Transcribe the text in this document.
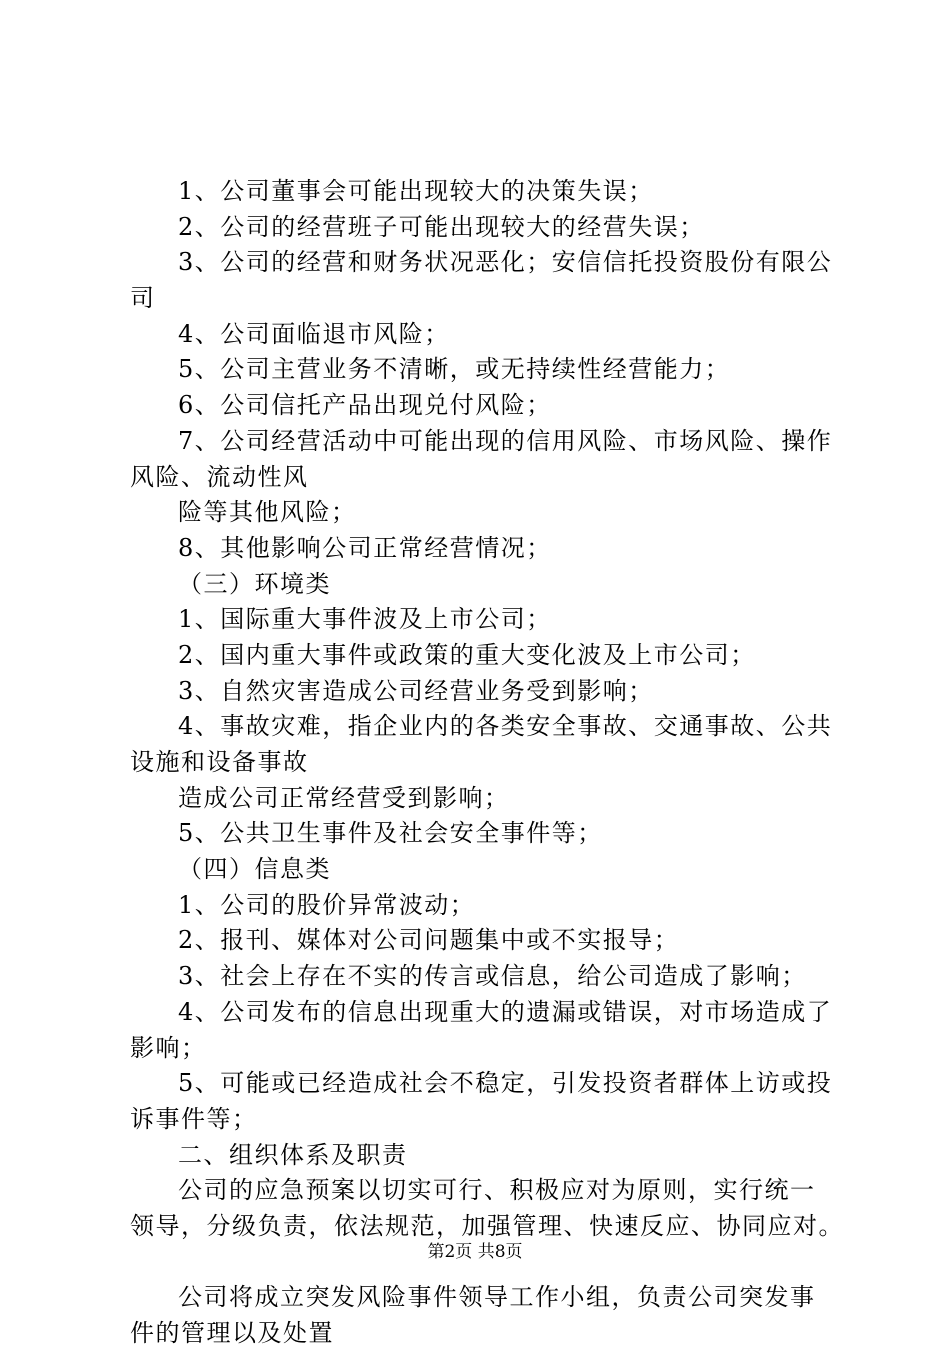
1、公司董事会可能出现较大的决策失误；
2、公司的经营班子可能出现较大的经营失误；
3、公司的经营和财务状况恶化；安信信托投资股份有限公
司
4、公司面临退市风险；
5、公司主营业务不清晰，或无持续性经营能力；
6、公司信托产品出现兑付风险；
7、公司经营活动中可能出现的信用风险、市场风险、操作
风险、流动性风
险等其他风险；
8、其他影响公司正常经营情况；
（三）环境类
1、国际重大事件波及上市公司；
2、国内重大事件或政策的重大变化波及上市公司；
3、自然灾害造成公司经营业务受到影响；
4、事故灾难，指企业内的各类安全事故、交通事故、公共
设施和设备事故
造成公司正常经营受到影响；
5、公共卫生事件及社会安全事件等；
（四）信息类
1、公司的股价异常波动；
2、报刊、媒体对公司问题集中或不实报导；
3、社会上存在不实的传言或信息，给公司造成了影响；
4、公司发布的信息出现重大的遗漏或错误，对市场造成了
影响；
5、可能或已经造成社会不稳定，引发投资者群体上访或投
诉事件等；
二、组织体系及职责
公司的应急预案以切实可行、积极应对为原则，实行统一
领导，分级负责，依法规范，加强管理、快速反应、协同应对。
公司将成立突发风险事件领导工作小组，负责公司突发事
件的管理以及处置
第2页 共8页
